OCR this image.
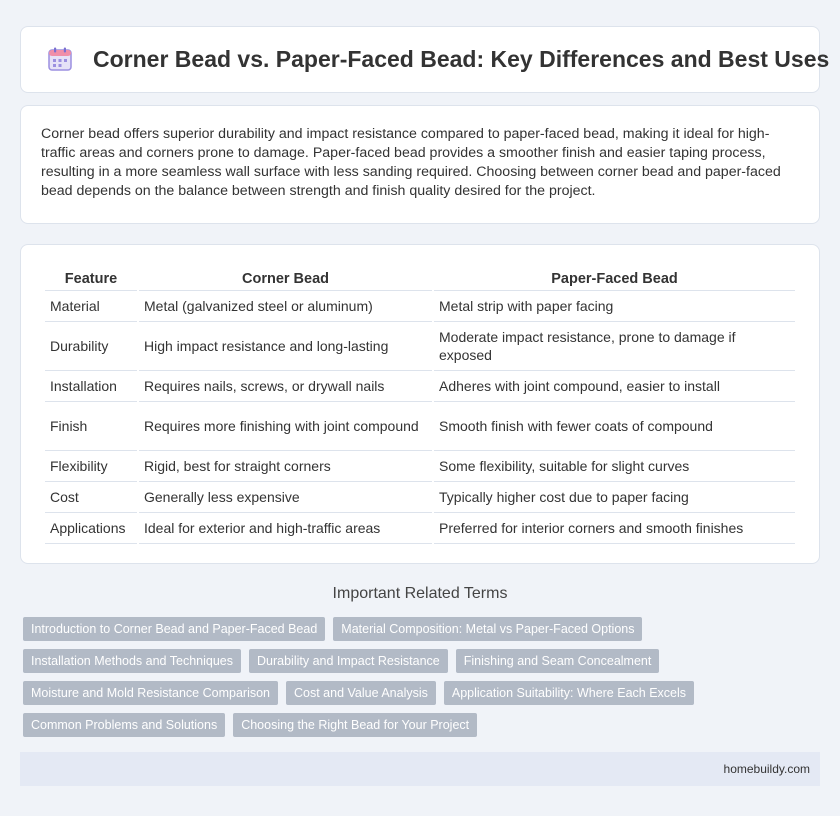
Corner Bead vs. Paper-Faced Bead: Key Differences and Best Uses

Corner bead offers superior durability and impact resistance compared to paper-faced bead, making it ideal for high-traffic areas and corners prone to damage. Paper-faced bead provides a smoother finish and easier taping process, resulting in a more seamless wall surface with less sanding required. Choosing between corner bead and paper-faced bead depends on the balance between strength and finish quality desired for the project.

Feature	Corner Bead	Paper-Faced Bead
Material	Metal (galvanized steel or aluminum)	Metal strip with paper facing
Durability	High impact resistance and long-lasting	Moderate impact resistance, prone to damage if exposed
Installation	Requires nails, screws, or drywall nails	Adheres with joint compound, easier to install
Finish	Requires more finishing with joint compound	Smooth finish with fewer coats of compound
Flexibility	Rigid, best for straight corners	Some flexibility, suitable for slight curves
Cost	Generally less expensive	Typically higher cost due to paper facing
Applications	Ideal for exterior and high-traffic areas	Preferred for interior corners and smooth finishes
Important Related Terms
Introduction to Corner Bead and Paper-Faced Bead	Material Composition: Metal vs Paper-Faced Options
Installation Methods and Techniques	Durability and Impact Resistance	Finishing and Seam Concealment
Moisture and Mold Resistance Comparison	Cost and Value Analysis	Application Suitability: Where Each Excels
Common Problems and Solutions	Choosing the Right Bead for Your Project
homebuildy.com
